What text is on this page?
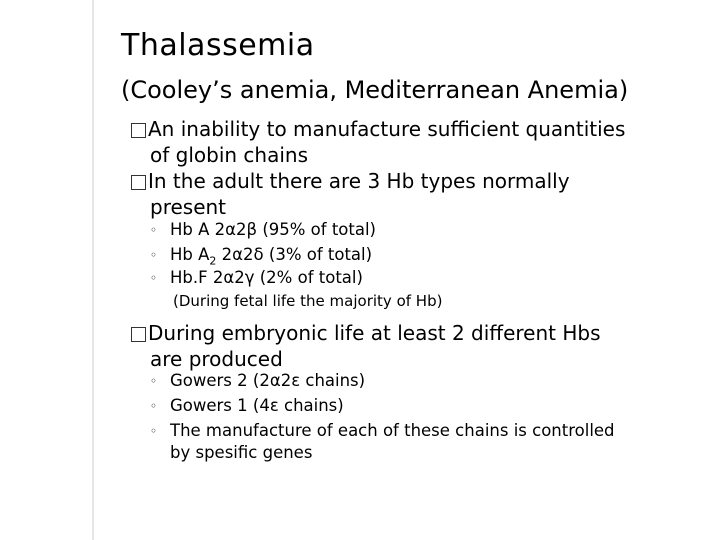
Thalassemia
(Cooley’s anemia, Mediterranean Anemia)
An inability to manufacture sufficient quantities
of globin chains
In the adult there are 3 Hb types normally
present
◦ Hb A 2α2β (95% of total)
◦ Hb $A_2$ 2α2δ (3% of total)
◦ Hb.F 2α2γ (2% of total)
(During fetal life the majority of Hb)
During embryonic life at least 2 different Hbs
are produced
◦ Gowers 2 (2α2ε chains)
◦ Gowers 1 (4ε chains)
◦ The manufacture of each of these chains is controlled
by spesific genes
